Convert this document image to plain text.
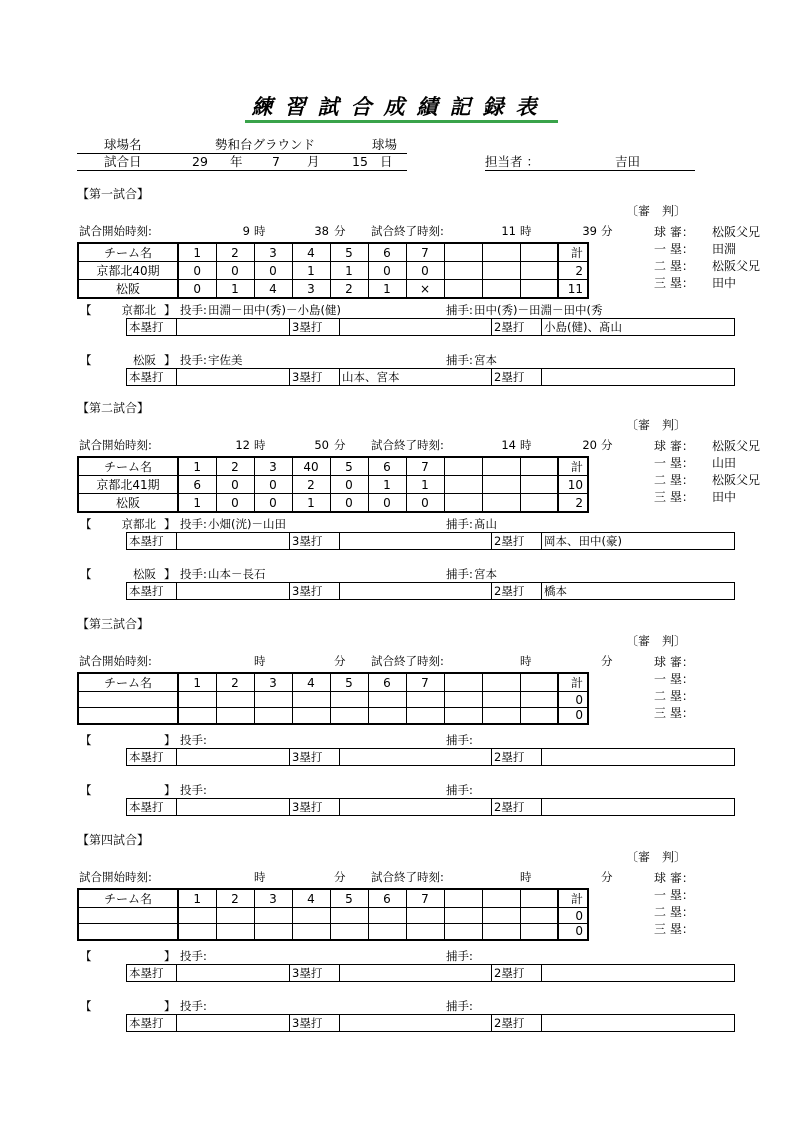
練習試合成績記録表
球場名	勢和台グラウンド	球場
試合日	29 年 7 月	15 日	担当者 ：	吉田
【第一試合】
〔審　判〕
試合開始時刻:	9 時	38 分 試合終了時刻:	11 時	39 分	球 審： 松阪父兄
一 塁： 田淵
二 塁： 松阪父兄
三 塁： 田中
チーム名	1	2	3	4	5	6	7				計
京都北40期	0	0	0	1	1	0	0				2
松阪	0	1	4	3	2	1	×				11
【	京都北 】 投手: 田淵－田中(秀)－小島(健)	捕手: 田中(秀)－田淵－田中(秀
本塁打		3塁打		2塁打	小島(健)、髙山
【	松阪 】 投手: 宇佐美	捕手: 宮本
本塁打		3塁打	山本、宮本	2塁打	
【第二試合】
〔審　判〕
試合開始時刻:	12 時	50 分 試合終了時刻:	14 時	20 分	球 審： 松阪父兄
一 塁： 山田
二 塁： 松阪父兄
三 塁： 田中
チーム名	1	2	3	40	5	6	7				計
京都北41期	6	0	0	2	0	1	1				10
松阪	1	0	0	1	0	0	0				2
【	京都北 】 投手: 小畑(洸)－山田	捕手: 髙山
本塁打		3塁打		2塁打	岡本、田中(豪)
【	松阪 】 投手: 山本－長石	捕手: 宮本
本塁打		3塁打		2塁打	橋本
【第三試合】
〔審　判〕
試合開始時刻:	時	分 試合終了時刻:	時	分	球 審：
一 塁：
二 塁：
三 塁：
チーム名	1	2	3	4	5	6	7				計
											0
											0
【	】 投手:	捕手:
本塁打		3塁打		2塁打	
【	】 投手:	捕手:
本塁打		3塁打		2塁打	
【第四試合】
〔審　判〕
試合開始時刻:	時	分 試合終了時刻:	時	分	球 審：
一 塁：
二 塁：
三 塁：
チーム名	1	2	3	4	5	6	7				計
											0
											0
【	】 投手:	捕手:
本塁打		3塁打		2塁打	
【	】 投手:	捕手:
本塁打		3塁打		2塁打	
